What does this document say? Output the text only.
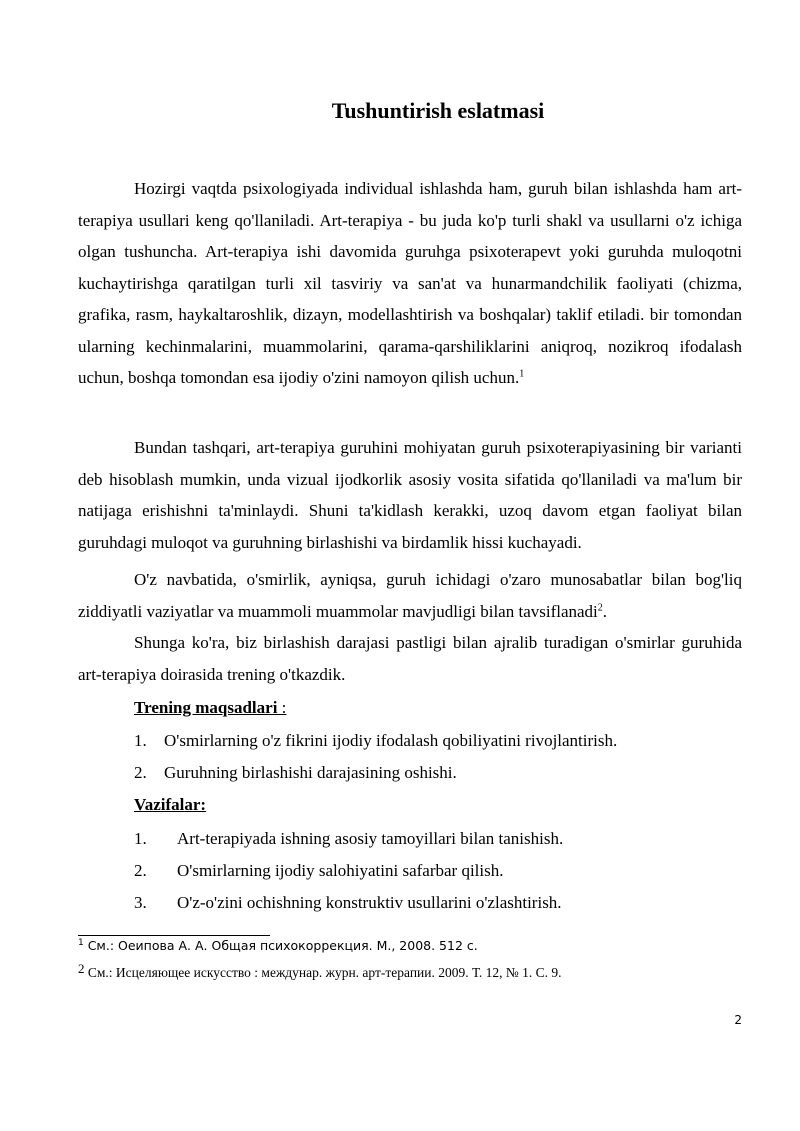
Tushuntirish eslatmasi

Hozirgi vaqtda psixologiyada individual ishlashda ham, guruh bilan ishlashda ham art-terapiya usullari keng qo'llaniladi. Art-terapiya - bu juda ko'p turli shakl va usullarni o'z ichiga olgan tushuncha. Art-terapiya ishi davomida guruhga psixoterapevt yoki guruhda muloqotni kuchaytirishga qaratilgan turli xil tasviriy va san'at va hunarmandchilik faoliyati (chizma, grafika, rasm, haykaltaroshlik, dizayn, modellashtirish va boshqalar) taklif etiladi. bir tomondan ularning kechinmalarini, muammolarini, qarama-qarshiliklarini aniqroq, nozikroq ifodalash uchun, boshqa tomondan esa ijodiy o'zini namoyon qilish uchun.$^1$

Bundan tashqari, art-terapiya guruhini mohiyatan guruh psixoterapiyasining bir varianti deb hisoblash mumkin, unda vizual ijodkorlik asosiy vosita sifatida qo'llaniladi va ma'lum bir natijaga erishishni ta'minlaydi. Shuni ta'kidlash kerakki, uzoq davom etgan faoliyat bilan guruhdagi muloqot va guruhning birlashishi va birdamlik hissi kuchayadi.

O'z navbatida, o'smirlik, ayniqsa, guruh ichidagi o'zaro munosabatlar bilan bog'liq ziddiyatli vaziyatlar va muammoli muammolar mavjudligi bilan tavsiflanadi$^2$.

Shunga ko'ra, biz birlashish darajasi pastligi bilan ajralib turadigan o'smirlar guruhida art-terapiya doirasida trening o'tkazdik.

Trening maqsadlari :
1. O'smirlarning o'z fikrini ijodiy ifodalash qobiliyatini rivojlantirish.
2. Guruhning birlashishi darajasining oshishi.
Vazifalar:
1. Art-terapiyada ishning asosiy tamoyillari bilan tanishish.
2. O'smirlarning ijodiy salohiyatini safarbar qilish.
3. O'z-o'zini ochishning konstruktiv usullarini o'zlashtirish.
$^1$ См.: Оеипова А. А. Общая психокоррекция. М., 2008. 512 с.
2 См.: Исцеляющее искусство : междунар. журн. арт-терапии. 2009. Т. 12, № 1. С. 9.
2
